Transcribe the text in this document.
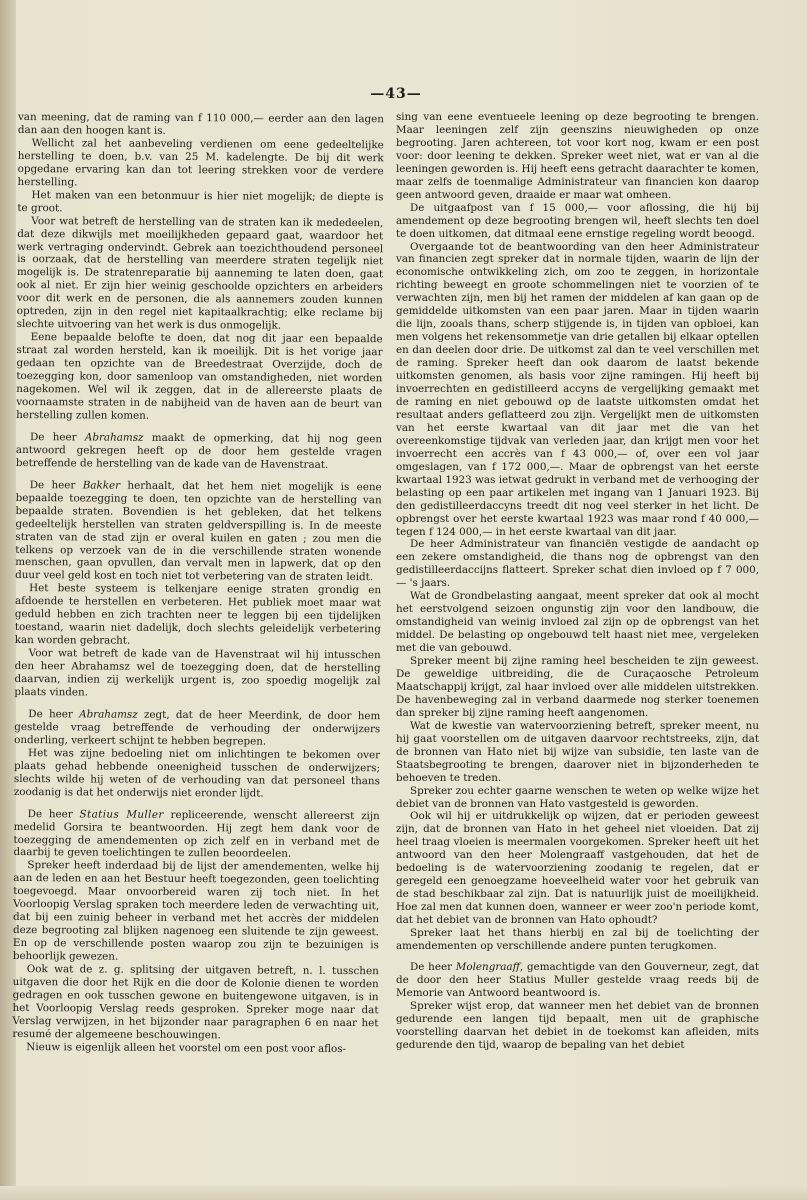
—43—

van meening, dat de raming van f 110 000,— eerder aan den lagen dan aan den hoogen kant is.

Wellicht zal het aanbeveling verdienen om eene gedeeltelijke herstelling te doen, b.v. van 25 M. kadelengte. De bij dit werk opgedane ervaring kan dan tot leering strekken voor de verdere herstelling.

Het maken van een betonmuur is hier niet mogelijk; de diepte is te groot.

Voor wat betreft de herstelling van de straten kan ik mededeelen, dat deze dikwijls met moeilijkheden gepaard gaat, waardoor het werk vertraging ondervindt. Gebrek aan toezichthoudend personeel is oorzaak, dat de herstelling van meerdere straten tegelijk niet mogelijk is. De stratenreparatie bij aanneming te laten doen, gaat ook al niet. Er zijn hier weinig geschoolde opzichters en arbeiders voor dit werk en de personen, die als aannemers zouden kunnen optreden, zijn in den regel niet kapitaalkrachtig; elke reclame bij slechte uitvoering van het werk is dus onmogelijk.

Eene bepaalde belofte te doen, dat nog dit jaar een bepaalde straat zal worden hersteld, kan ik moeilijk. Dit is het vorige jaar gedaan ten opzichte van de Breedestraat Overzijde, doch de toezegging kon, door samenloop van omstandigheden, niet worden nagekomen. Wel wil ik zeggen, dat in de allereerste plaats de voornaamste straten in de nabijheid van de haven aan de beurt van herstelling zullen komen.

De heer Abrahamsz maakt de opmerking, dat hij nog geen antwoord gekregen heeft op de door hem gestelde vragen betreffende de herstelling van de kade van de Havenstraat.

De heer Bakker herhaalt, dat het hem niet mogelijk is eene bepaalde toezegging te doen, ten opzichte van de herstelling van bepaalde straten. Bovendien is het gebleken, dat het telkens gedeeltelijk herstellen van straten geldverspilling is. In de meeste straten van de stad zijn er overal kuilen en gaten ; zou men die telkens op verzoek van de in die verschillende straten wonende menschen, gaan opvullen, dan vervalt men in lapwerk, dat op den duur veel geld kost en toch niet tot verbetering van de straten leidt.

Het beste systeem is telkenjare eenige straten grondig en afdoende te herstellen en verbeteren. Het publiek moet maar wat geduld hebben en zich trachten neer te leggen bij een tijdelijken toestand, waarin niet dadelijk, doch slechts geleidelijk verbetering kan worden gebracht.

Voor wat betreft de kade van de Havenstraat wil hij intusschen den heer Abrahamsz wel de toezegging doen, dat de herstelling daarvan, indien zij werkelijk urgent is, zoo spoedig mogelijk zal plaats vinden.

De heer Abrahamsz zegt, dat de heer Meerdink, de door hem gestelde vraag betreffende de verhouding der onderwijzers onderling, verkeert schijnt te hebben begrepen.

Het was zijne bedoeling niet om inlichtingen te bekomen over plaats gehad hebbende oneenigheid tusschen de onderwijzers; slechts wilde hij weten of de verhouding van dat personeel thans zoodanig is dat het onderwijs niet eronder lijdt.

De heer Statius Muller repliceerende, wenscht allereerst zijn medelid Gorsira te beantwoorden. Hij zegt hem dank voor de toezegging de amendementen op zich zelf en in verband met de daarbij te geven toelichtingen te zullen beoordeelen.

Spreker heeft inderdaad bij de lijst der amendementen, welke hij aan de leden en aan het Bestuur heeft toegezonden, geen toelichting toegevoegd. Maar onvoorbereid waren zij toch niet. In het Voorloopig Verslag spraken toch meerdere leden de verwachting uit, dat bij een zuinig beheer in verband met het accrès der middelen deze begrooting zal blijken nagenoeg een sluitende te zijn geweest. En op de verschillende posten waarop zou zijn te bezuinigen is behoorlijk gewezen.

Ook wat de z. g. splitsing der uitgaven betreft, n. l. tusschen uitgaven die door het Rijk en die door de Kolonie dienen te worden gedragen en ook tusschen gewone en buitengewone uitgaven, is in het Voorloopig Verslag reeds gesproken. Spreker moge naar dat Verslag verwijzen, in het bijzonder naar paragraphen 6 en naar het resumé der algemeene beschouwingen.

Nieuw is eigenlijk alleen het voorstel om een post voor aflos-

sing van eene eventueele leening op deze begrooting te brengen. Maar leeningen zelf zijn geenszins nieuwigheden op onze begrooting. Jaren achtereen, tot voor kort nog, kwam er een post voor: door leening te dekken. Spreker weet niet, wat er van al die leeningen geworden is. Hij heeft eens getracht daarachter te komen, maar zelfs de toenmalige Administrateur van financien kon daarop geen antwoord geven, draaide er maar wat omheen.

De uitgaafpost van f 15 000,— voor aflossing, die hij bij amendement op deze begrooting brengen wil, heeft slechts ten doel te doen uitkomen, dat ditmaal eene ernstige regeling wordt beoogd.

Overgaande tot de beantwoording van den heer Administrateur van financien zegt spreker dat in normale tijden, waarin de lijn der economische ontwikkeling zich, om zoo te zeggen, in horizontale richting beweegt en groote schommelingen niet te voorzien of te verwachten zijn, men bij het ramen der middelen af kan gaan op de gemiddelde uitkomsten van een paar jaren. Maar in tijden waarin die lijn, zooals thans, scherp stijgende is, in tijden van opbloei, kan men volgens het rekensommetje van drie getallen bij elkaar optellen en dan deelen door drie. De uitkomst zal dan te veel verschillen met de raming. Spreker heeft dan ook daarom de laatst bekende uitkomsten genomen, als basis voor zijne ramingen. Hij heeft bij invoerrechten en gedistilleerd accyns de vergelijking gemaakt met de raming en niet gebouwd op de laatste uitkomsten omdat het resultaat anders geflatteerd zou zijn. Vergelijkt men de uitkomsten van het eerste kwartaal van dit jaar met die van het overeenkomstige tijdvak van verleden jaar, dan krijgt men voor het invoerrecht een accrès van f 43 000,— of, over een vol jaar omgeslagen, van f 172 000,—. Maar de opbrengst van het eerste kwartaal 1923 was ietwat gedrukt in verband met de verhooging der belasting op een paar artikelen met ingang van 1 Januari 1923. Bij den gedistilleerdaccyns treedt dit nog veel sterker in het licht. De opbrengst over het eerste kwartaal 1923 was maar rond f 40 000,— tegen f 124 000,— in het eerste kwartaal van dit jaar.

De heer Administrateur van financiën vestigde de aandacht op een zekere omstandigheid, die thans nog de opbrengst van den gedistilleerdaccijns flatteert. Spreker schat dien invloed op f 7 000,— 's jaars.

Wat de Grondbelasting aangaat, meent spreker dat ook al mocht het eerstvolgend seizoen ongunstig zijn voor den landbouw, die omstandigheid van weinig invloed zal zijn op de opbrengst van het middel. De belasting op ongebouwd telt haast niet mee, vergeleken met die van gebouwd.

Spreker meent bij zijne raming heel bescheiden te zijn geweest. De geweldige uitbreiding, die de Curaçaosche Petroleum Maatschappij krijgt, zal haar invloed over alle middelen uitstrekken. De havenbeweging zal in verband daarmede nog sterker toenemen dan spreker bij zijne raming heeft aangenomen.

Wat de kwestie van watervoorziening betreft, spreker meent, nu hij gaat voorstellen om de uitgaven daarvoor rechtstreeks, zijn, dat de bronnen van Hato niet bij wijze van subsidie, ten laste van de Staatsbegrooting te brengen, daarover niet in bijzonderheden te behoeven te treden.

Spreker zou echter gaarne wenschen te weten op welke wijze het debiet van de bronnen van Hato vastgesteld is geworden.

Ook wil hij er uitdrukkelijk op wijzen, dat er perioden geweest zijn, dat de bronnen van Hato in het geheel niet vloeiden. Dat zij heel traag vloeien is meermalen voorgekomen. Spreker heeft uit het antwoord van den heer Molengraaff vastgehouden, dat het de bedoeling is de watervoorziening zoodanig te regelen, dat er geregeld een genoegzame hoeveelheid water voor het gebruik van de stad beschikbaar zal zijn. Dat is natuurlijk juist de moeilijkheid. Hoe zal men dat kunnen doen, wanneer er weer zoo'n periode komt, dat het debiet van de bronnen van Hato ophoudt?

Spreker laat het thans hierbij en zal bij de toelichting der amendementen op verschillende andere punten terugkomen.

De heer Molengraaff, gemachtigde van den Gouverneur, zegt, dat de door den heer Statius Muller gestelde vraag reeds bij de Memorie van Antwoord beantwoord is.

Spreker wijst erop, dat wanneer men het debiet van de bronnen gedurende een langen tijd bepaalt, men uit de graphische voorstelling daarvan het debiet in de toekomst kan afleiden, mits gedurende den tijd, waarop de bepaling van het debiet
